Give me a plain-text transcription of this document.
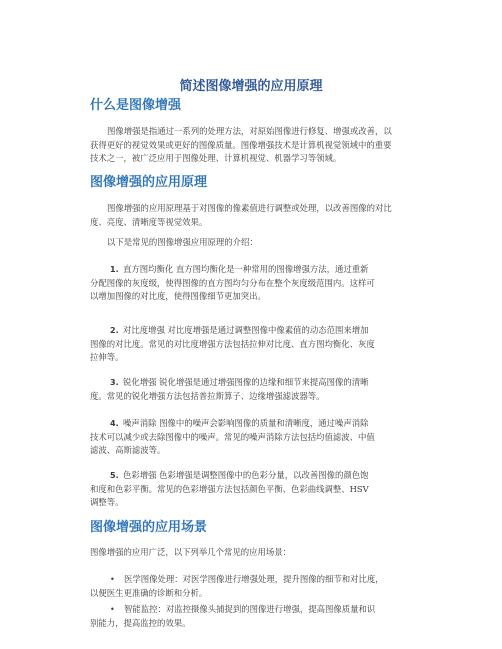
简述图像增强的应用原理
什么是图像增强
图像增强是指通过一系列的处理方法，对原始图像进行修复、增强或改善，以
获得更好的视觉效果或更好的图像质量。图像增强技术是计算机视觉领域中的重要
技术之一，被广泛应用于图像处理、计算机视觉、机器学习等领域。
图像增强的应用原理
图像增强的应用原理基于对图像的像素值进行调整或处理，以改善图像的对比
度、亮度、清晰度等视觉效果。
以下是常见的图像增强应用原理的介绍：
1. 直方图均衡化 直方图均衡化是一种常用的图像增强方法，通过重新
分配图像的灰度级，使得图像的直方图均匀分布在整个灰度级范围内。这样可
以增加图像的对比度，使得图像细节更加突出。
2. 对比度增强 对比度增强是通过调整图像中像素值的动态范围来增加
图像的对比度。常见的对比度增强方法包括拉伸对比度、直方图均衡化、灰度
拉伸等。
3. 锐化增强 锐化增强是通过增强图像的边缘和细节来提高图像的清晰
度。常见的锐化增强方法包括普拉斯算子、边缘增强滤波器等。
4. 噪声消除 图像中的噪声会影响图像的质量和清晰度，通过噪声消除
技术可以减少或去除图像中的噪声。常见的噪声消除方法包括均值滤波、中值
滤波、高斯滤波等。
5. 色彩增强 色彩增强是调整图像中的色彩分量，以改善图像的颜色饱
和度和色彩平衡。常见的色彩增强方法包括颜色平衡、色彩曲线调整、HSV
调整等。
图像增强的应用场景
图像增强的应用广泛，以下列举几个常见的应用场景：
• 医学图像处理：对医学图像进行增强处理，提升图像的细节和对比度，
以便医生更准确的诊断和分析。
• 智能监控：对监控摄像头捕捉到的图像进行增强，提高图像质量和识
别能力，提高监控的效果。
